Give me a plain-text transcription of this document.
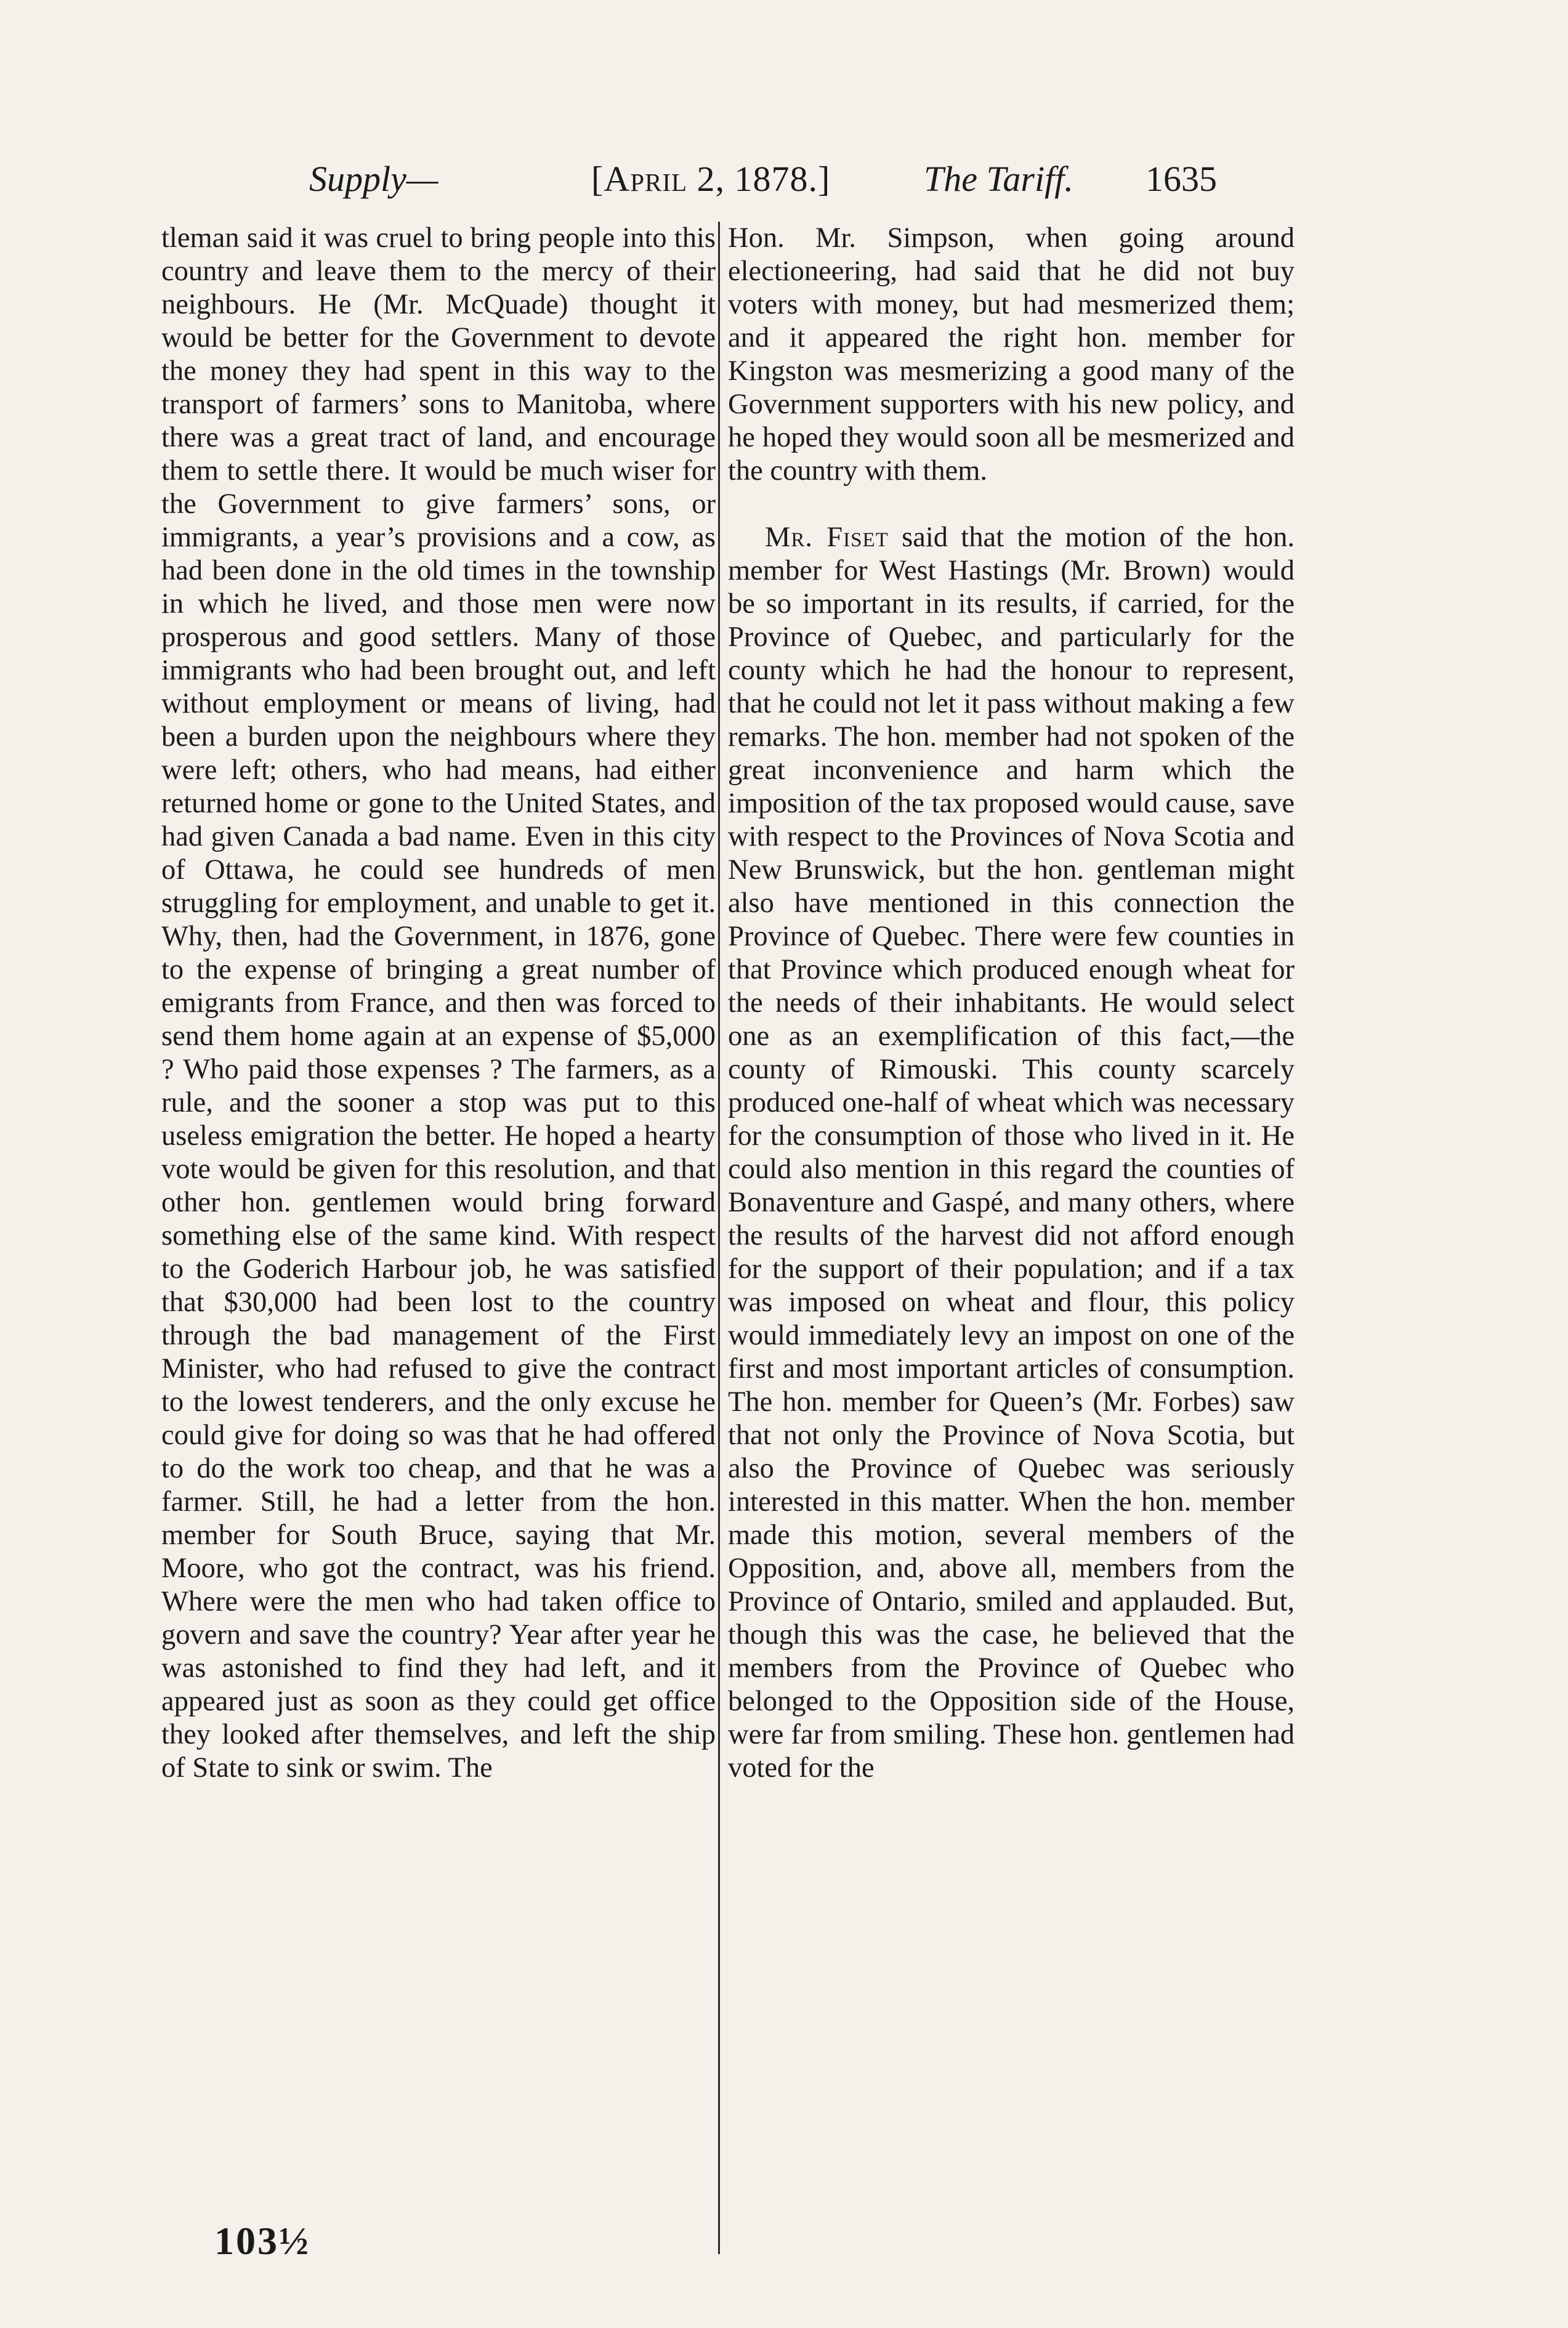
Supply—	[April 2, 1878.]	The Tariff. 1635

tleman said it was cruel to bring people into this country and leave them to the mercy of their neighbours. He (Mr. McQuade) thought it would be better for the Government to devote the money they had spent in this way to the transport of farmers’ sons to Manitoba, where there was a great tract of land, and encourage them to settle there. It would be much wiser for the Government to give farmers’ sons, or immigrants, a year’s provisions and a cow, as had been done in the old times in the township in which he lived, and those men were now prosperous and good settlers. Many of those immigrants who had been brought out, and left without employment or means of living, had been a burden upon the neighbours where they were left; others, who had means, had either returned home or gone to the United States, and had given Canada a bad name. Even in this city of Ottawa, he could see hundreds of men struggling for employment, and unable to get it. Why, then, had the Government, in 1876, gone to the expense of bringing a great number of emigrants from France, and then was forced to send them home again at an expense of $5,000 ? Who paid those expenses ? The farmers, as a rule, and the sooner a stop was put to this useless emigration the better. He hoped a hearty vote would be given for this resolution, and that other hon. gentlemen would bring forward something else of the same kind. With respect to the Goderich Harbour job, he was satisfied that $30,000 had been lost to the country through the bad management of the First Minister, who had refused to give the contract to the lowest tenderers, and the only excuse he could give for doing so was that he had offered to do the work too cheap, and that he was a farmer. Still, he had a letter from the hon. member for South Bruce, saying that Mr. Moore, who got the contract, was his friend. Where were the men who had taken office to govern and save the country? Year after year he was astonished to find they had left, and it appeared just as soon as they could get office they looked after themselves, and left the ship of State to sink or swim. The

Hon. Mr. Simpson, when going around electioneering, had said that he did not buy voters with money, but had mesmerized them; and it appeared the right hon. member for Kingston was mesmerizing a good many of the Government supporters with his new policy, and he hoped they would soon all be mesmerized and the country with them.

Mr. Fiset said that the motion of the hon. member for West Hastings (Mr. Brown) would be so important in its results, if carried, for the Province of Quebec, and particularly for the county which he had the honour to represent, that he could not let it pass without making a few remarks. The hon. member had not spoken of the great inconvenience and harm which the imposition of the tax proposed would cause, save with respect to the Provinces of Nova Scotia and New Brunswick, but the hon. gentleman might also have mentioned in this connection the Province of Quebec. There were few counties in that Province which produced enough wheat for the needs of their inhabitants. He would select one as an exemplification of this fact,—the county of Rimouski. This county scarcely produced one-half of wheat which was necessary for the consumption of those who lived in it. He could also mention in this regard the counties of Bonaventure and Gaspé, and many others, where the results of the harvest did not afford enough for the support of their population; and if a tax was imposed on wheat and flour, this policy would immediately levy an impost on one of the first and most important articles of consumption. The hon. member for Queen’s (Mr. Forbes) saw that not only the Province of Nova Scotia, but also the Province of Quebec was seriously interested in this matter. When the hon. member made this motion, several members of the Opposition, and, above all, members from the Province of Ontario, smiled and applauded. But, though this was the case, he believed that the members from the Province of Quebec who belonged to the Opposition side of the House, were far from smiling. These hon. gentlemen had voted for the

103½
